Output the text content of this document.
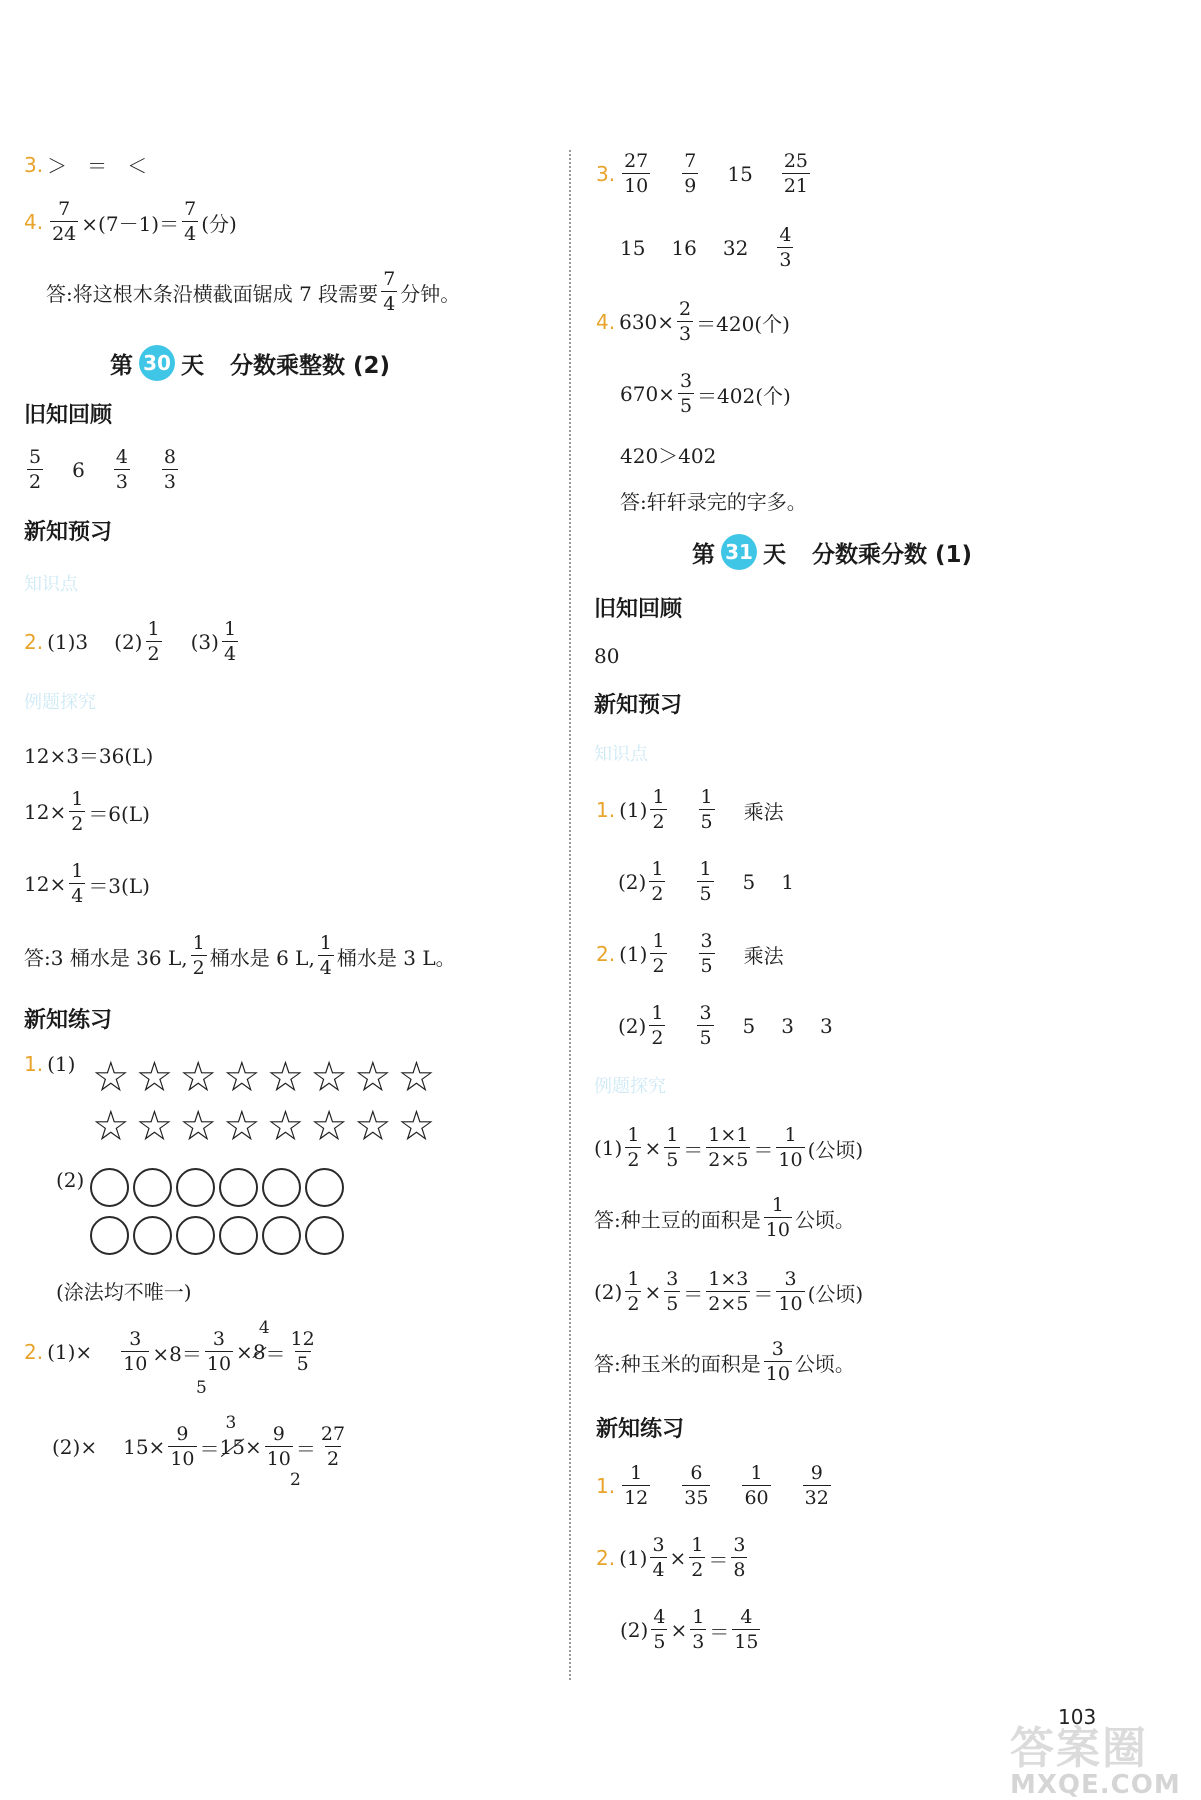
3. ＞　＝　＜
4. $\frac{7}{24} \times(7-1)= \frac{7}{4}$ (分)
答:将这根木条沿横截面锯成 7 段需要 $\frac{7}{4}$ 分钟。
第 30 天 分数乘整数 (2)
旧知回顾
$\frac{5}{2} 6 \frac{4}{3} \frac{8}{3}$
新知预习
知识点
2. (1)3 $(2) \frac{1}{2} (3) \frac{1}{4}$
例题探究
12×3＝36(L)
$12\times \frac{1}{2} =6(L)$
$12\times \frac{1}{4} =3(L)$
答:3 桶水是 36 L, $\frac{1}{2}$ 桶水是 6 L, $\frac{1}{4}$ 桶水是 3 L。
新知练习
1. (1) ☆ ☆ ☆ ☆ ☆ ☆ ☆ ☆
☆ ☆ ☆ ☆ ☆ ☆ ☆ ☆
(2)
(涂法均不唯一)
2. $(1)\times \frac{3}{10} \times 8= \frac{3}{10} \times 8$
4
＝ $\frac{12}{5}$
5
$(2)\times 15\times \frac{9}{10} = 15$
3
× $\frac{9}{10} = \frac{27}{2}$
2
3. $\frac{27}{10} \frac{7}{9} 15 \frac{25}{21}$
15 16 $32 \frac{4}{3}$
4. $630\times \frac{2}{3} =420$(个)
$670\times \frac{3}{5} =402$(个)
420＞402
答:轩轩录完的字多。
第 31 天 分数乘分数 (1)
旧知回顾
80
新知预习
知识点
1. $(1) \frac{1}{2} \frac{1}{5}$ 乘法
$(2) \frac{1}{2} \frac{1}{5} 5$ 1
2. $(1) \frac{1}{2} \frac{3}{5}$ 乘法
$(2) \frac{1}{2} \frac{3}{5} 5$ 3 3
例题探究
$(1) \frac{1}{2} \times \frac{1}{5} = \frac{1\times 1}{2\times 5} = \frac{1}{10}$ (公顷)
答:种土豆的面积是 $\frac{1}{10}$ 公顷。
$(2) \frac{1}{2} \times \frac{3}{5} = \frac{1\times 3}{2\times 5} = \frac{3}{10}$ (公顷)
答:种玉米的面积是 $\frac{3}{10}$ 公顷。
新知练习
1. $\frac{1}{12} \frac{6}{35} \frac{1}{60} \frac{9}{32}$
2. $(1) \frac{3}{4} \times \frac{1}{2} = \frac{3}{8}$
$(2) \frac{4}{5} \times \frac{1}{3} = \frac{4}{15}$
103
答案圈
MXQE.COM
